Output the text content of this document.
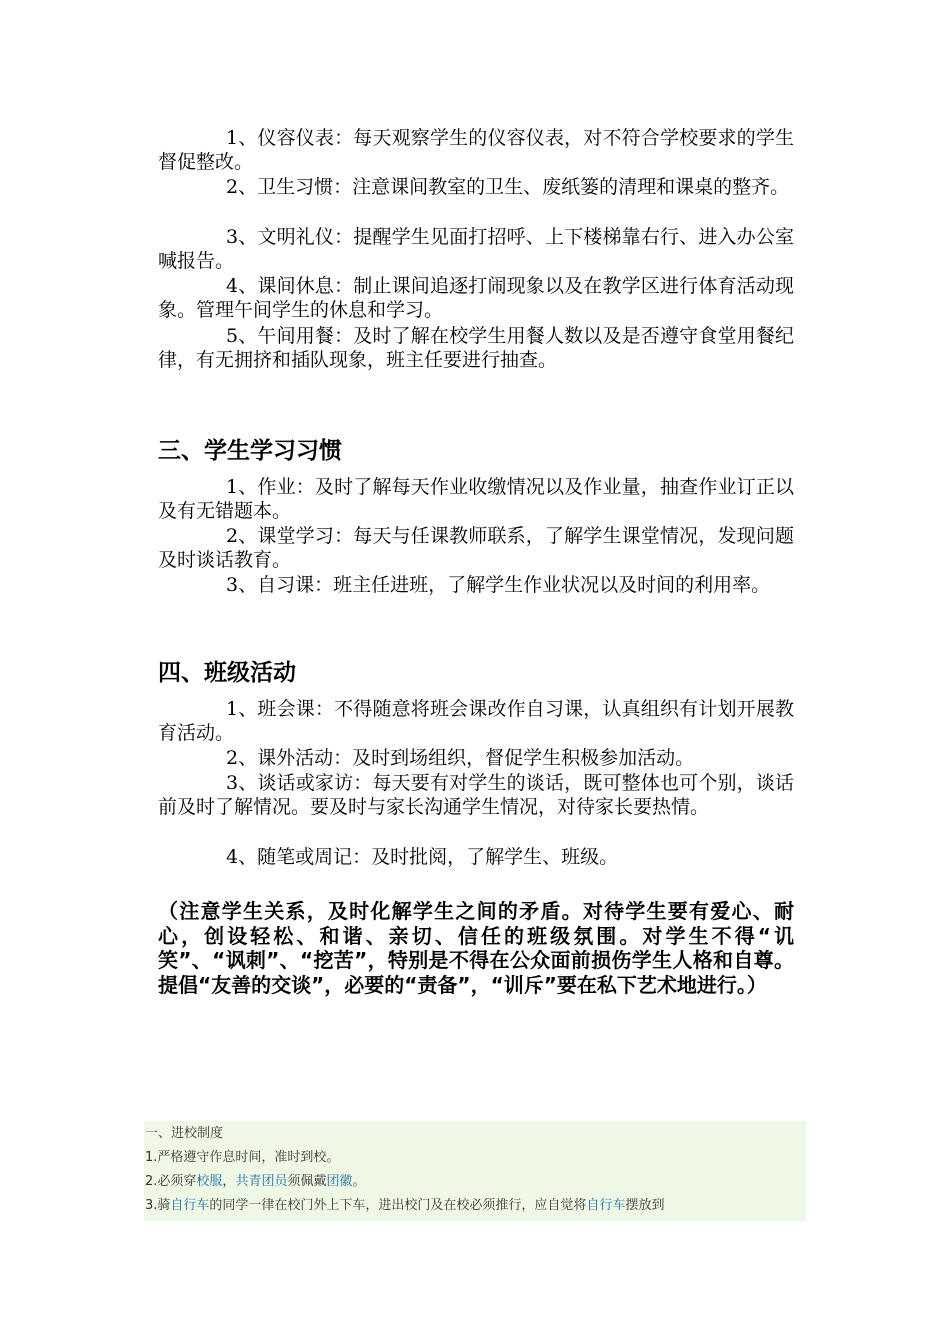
1、仪容仪表：每天观察学生的仪容仪表，对不符合学校要求的学生督促整改。

2、卫生习惯：注意课间教室的卫生、废纸篓的清理和课桌的整齐。

3、文明礼仪：提醒学生见面打招呼、上下楼梯靠右行、进入办公室喊报告。

4、课间休息：制止课间追逐打闹现象以及在教学区进行体育活动现象。管理午间学生的休息和学习。

5、午间用餐：及时了解在校学生用餐人数以及是否遵守食堂用餐纪律，有无拥挤和插队现象，班主任要进行抽查。

三、学生学习习惯

1、作业：及时了解每天作业收缴情况以及作业量，抽查作业订正以及有无错题本。

2、课堂学习：每天与任课教师联系，了解学生课堂情况，发现问题及时谈话教育。

3、自习课：班主任进班，了解学生作业状况以及时间的利用率。

四、班级活动

1、班会课：不得随意将班会课改作自习课，认真组织有计划开展教育活动。

2、课外活动：及时到场组织，督促学生积极参加活动。

3、谈话或家访：每天要有对学生的谈话，既可整体也可个别，谈话前及时了解情况。要及时与家长沟通学生情况，对待家长要热情。

4、随笔或周记：及时批阅，了解学生、班级。

（注意学生关系，及时化解学生之间的矛盾。对待学生要有爱心、耐心，创设轻松、和谐、亲切、信任的班级氛围。对学生不得“讥笑”、“讽刺”、“挖苦”，特别是不得在公众面前损伤学生人格和自尊。提倡“友善的交谈”，必要的“责备”，“训斥”要在私下艺术地进行。）

一、进校制度
1.严格遵守作息时间，准时到校。
2.必须穿校服，共青团员须佩戴团徽。
3.骑自行车的同学一律在校门外上下车，进出校门及在校必须推行，应自觉将自行车摆放到
